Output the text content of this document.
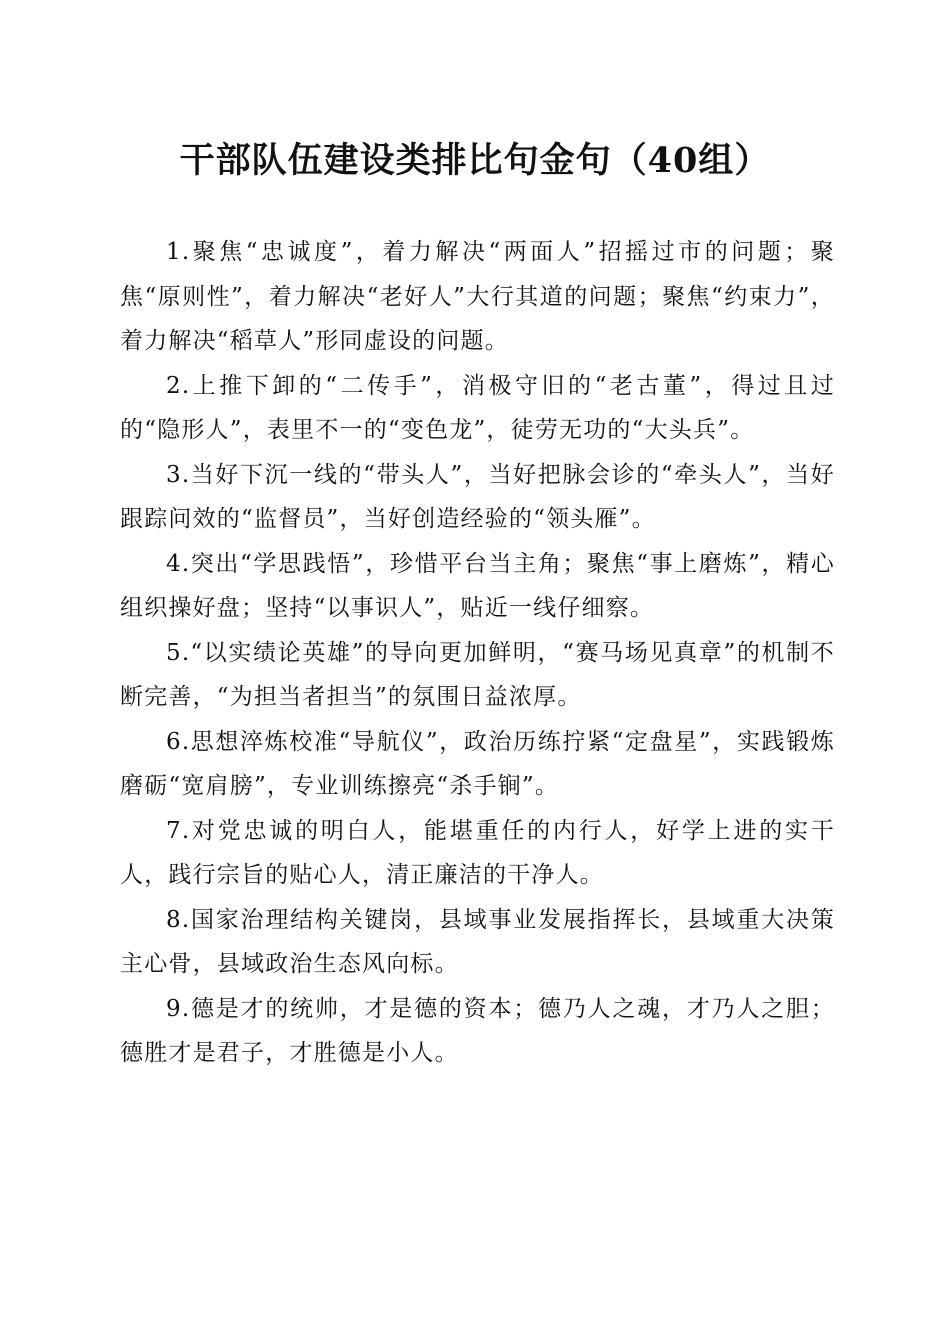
干部队伍建设类排比句金句（40组）

1.聚焦“忠诚度”，着力解决“两面人”招摇过市的问题；聚焦“原则性”，着力解决“老好人”大行其道的问题；聚焦“约束力”，着力解决“稻草人”形同虚设的问题。

2.上推下卸的“二传手”，消极守旧的“老古董”，得过且过的“隐形人”，表里不一的“变色龙”，徒劳无功的“大头兵”。

3.当好下沉一线的“带头人”，当好把脉会诊的“牵头人”，当好跟踪问效的“监督员”，当好创造经验的“领头雁”。

4.突出“学思践悟”，珍惜平台当主角；聚焦“事上磨炼”，精心组织操好盘；坚持“以事识人”，贴近一线仔细察。

5.“以实绩论英雄”的导向更加鲜明，“赛马场见真章”的机制不断完善，“为担当者担当”的氛围日益浓厚。

6.思想淬炼校准“导航仪”，政治历练拧紧“定盘星”，实践锻炼磨砺“宽肩膀”，专业训练擦亮“杀手锏”。

7.对党忠诚的明白人，能堪重任的内行人，好学上进的实干人，践行宗旨的贴心人，清正廉洁的干净人。

8.国家治理结构关键岗，县域事业发展指挥长，县域重大决策主心骨，县域政治生态风向标。

9.德是才的统帅，才是德的资本；德乃人之魂，才乃人之胆；德胜才是君子，才胜德是小人。
